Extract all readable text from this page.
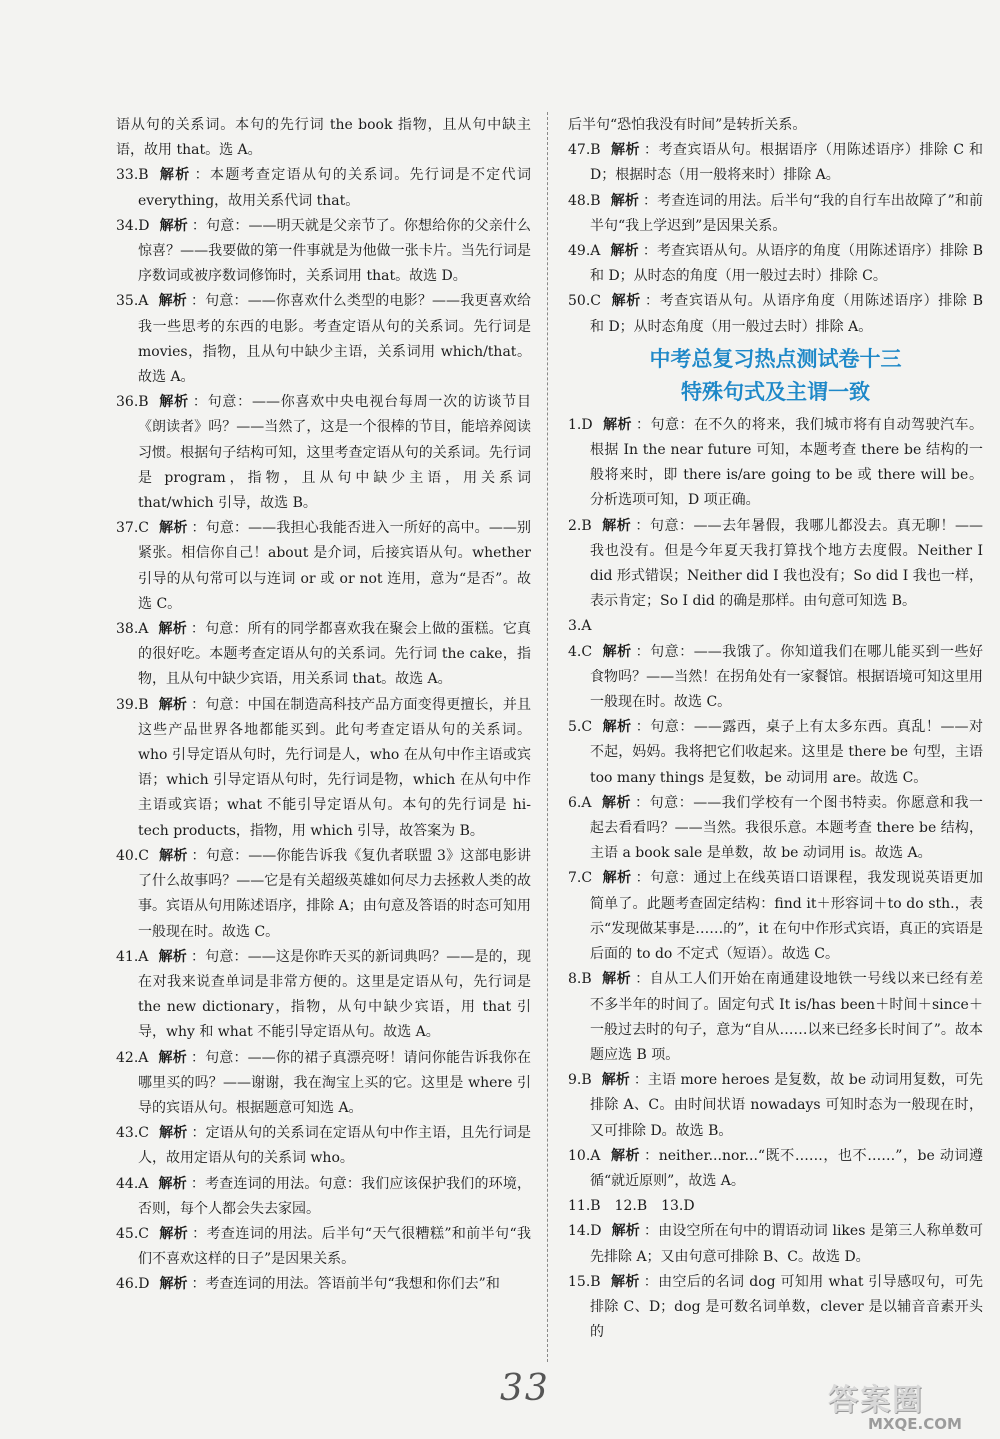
语从句的关系词。本句的先行词 the book 指物，且从句中缺主语，故用 that。选 A。

33.B 解析 ：本题考查定语从句的关系词。先行词是不定代词 everything，故用关系代词 that。

34.D 解析 ：句意：——明天就是父亲节了。你想给你的父亲什么惊喜？——我要做的第一件事就是为他做一张卡片。当先行词是序数词或被序数词修饰时，关系词用 that。故选 D。

35.A 解析 ：句意：——你喜欢什么类型的电影？——我更喜欢给我一些思考的东西的电影。考查定语从句的关系词。先行词是 movies，指物，且从句中缺少主语，关系词用 which/that。故选 A。

36.B 解析 ：句意：——你喜欢中央电视台每周一次的访谈节目《朗读者》吗？——当然了，这是一个很棒的节目，能培养阅读习惯。根据句子结构可知，这里考查定语从句的关系词。先行词是 program，指物，且从句中缺少主语，用关系词 that/which 引导，故选 B。

37.C 解析 ：句意：——我担心我能否进入一所好的高中。——别紧张。相信你自己！about 是介词，后接宾语从句。whether 引导的从句常可以与连词 or 或 or not 连用，意为“是否”。故选 C。

38.A 解析 ：句意：所有的同学都喜欢我在聚会上做的蛋糕。它真的很好吃。本题考查定语从句的关系词。先行词 the cake，指物，且从句中缺少宾语，用关系词 that。故选 A。

39.B 解析 ：句意：中国在制造高科技产品方面变得更擅长，并且这些产品世界各地都能买到。此句考查定语从句的关系词。who 引导定语从句时，先行词是人，who 在从句中作主语或宾语；which 引导定语从句时，先行词是物，which 在从句中作主语或宾语；what 不能引导定语从句。本句的先行词是 hi-tech products，指物，用 which 引导，故答案为 B。

40.C 解析 ：句意：——你能告诉我《复仇者联盟 3》这部电影讲了什么故事吗？——它是有关超级英雄如何尽力去拯救人类的故事。宾语从句用陈述语序，排除 A；由句意及答语的时态可知用一般现在时。故选 C。

41.A 解析 ：句意：——这是你昨天买的新词典吗？——是的，现在对我来说查单词是非常方便的。这里是定语从句，先行词是 the new dictionary，指物，从句中缺少宾语，用 that 引导，why 和 what 不能引导定语从句。故选 A。

42.A 解析 ：句意：——你的裙子真漂亮呀！请问你能告诉我你在哪里买的吗？——谢谢，我在淘宝上买的它。这里是 where 引导的宾语从句。根据题意可知选 A。

43.C 解析 ：定语从句的关系词在定语从句中作主语，且先行词是人，故用定语从句的关系词 who。

44.A 解析 ：考查连词的用法。句意：我们应该保护我们的环境，否则，每个人都会失去家园。

45.C 解析 ：考查连词的用法。后半句“天气很糟糕”和前半句“我们不喜欢这样的日子”是因果关系。

46.D 解析 ：考查连词的用法。答语前半句“我想和你们去”和

后半句“恐怕我没有时间”是转折关系。

47.B 解析 ：考查宾语从句。根据语序（用陈述语序）排除 C 和 D；根据时态（用一般将来时）排除 A。

48.B 解析 ：考查连词的用法。后半句“我的自行车出故障了”和前半句“我上学迟到”是因果关系。

49.A 解析 ：考查宾语从句。从语序的角度（用陈述语序）排除 B 和 D；从时态的角度（用一般过去时）排除 C。

50.C 解析 ：考查宾语从句。从语序角度（用陈述语序）排除 B 和 D；从时态角度（用一般过去时）排除 A。

中考总复习热点测试卷十三
特殊句式及主谓一致

1.D 解析 ：句意：在不久的将来，我们城市将有自动驾驶汽车。根据 In the near future 可知，本题考查 there be 结构的一般将来时，即 there is/are going to be 或 there will be。分析选项可知，D 项正确。

2.B 解析 ：句意：——去年暑假，我哪儿都没去。真无聊！——我也没有。但是今年夏天我打算找个地方去度假。Neither I did 形式错误；Neither did I 我也没有；So did I 我也一样，表示肯定；So I did 的确是那样。由句意可知选 B。

3.A

4.C 解析 ：句意：——我饿了。你知道我们在哪儿能买到一些好食物吗？——当然！在拐角处有一家餐馆。根据语境可知这里用一般现在时。故选 C。

5.C 解析 ：句意：——露西，桌子上有太多东西。真乱！——对不起，妈妈。我将把它们收起来。这里是 there be 句型，主语 too many things 是复数，be 动词用 are。故选 C。

6.A 解析 ：句意：——我们学校有一个图书特卖。你愿意和我一起去看看吗？——当然。我很乐意。本题考查 there be 结构，主语 a book sale 是单数，故 be 动词用 is。故选 A。

7.C 解析 ：句意：通过上在线英语口语课程，我发现说英语更加简单了。此题考查固定结构：find it＋形容词＋to do sth.，表示“发现做某事是……的”，it 在句中作形式宾语，真正的宾语是后面的 to do 不定式（短语）。故选 C。

8.B 解析 ：自从工人们开始在南通建设地铁一号线以来已经有差不多半年的时间了。固定句式 It is/has been＋时间＋since＋一般过去时的句子，意为“自从……以来已经多长时间了”。故本题应选 B 项。

9.B 解析 ：主语 more heroes 是复数，故 be 动词用复数，可先排除 A、C。由时间状语 nowadays 可知时态为一般现在时，又可排除 D。故选 B。

10.A 解析 ：neither...nor...“既不……，也不……”，be 动词遵循“就近原则”，故选 A。

11.B　12.B　13.D

14.D 解析 ：由设空所在句中的谓语动词 likes 是第三人称单数可先排除 A；又由句意可排除 B、C。故选 D。

15.B 解析 ：由空后的名词 dog 可知用 what 引导感叹句，可先排除 C、D；dog 是可数名词单数，clever 是以辅音音素开头的

33	答案圈
MXQE.COM
